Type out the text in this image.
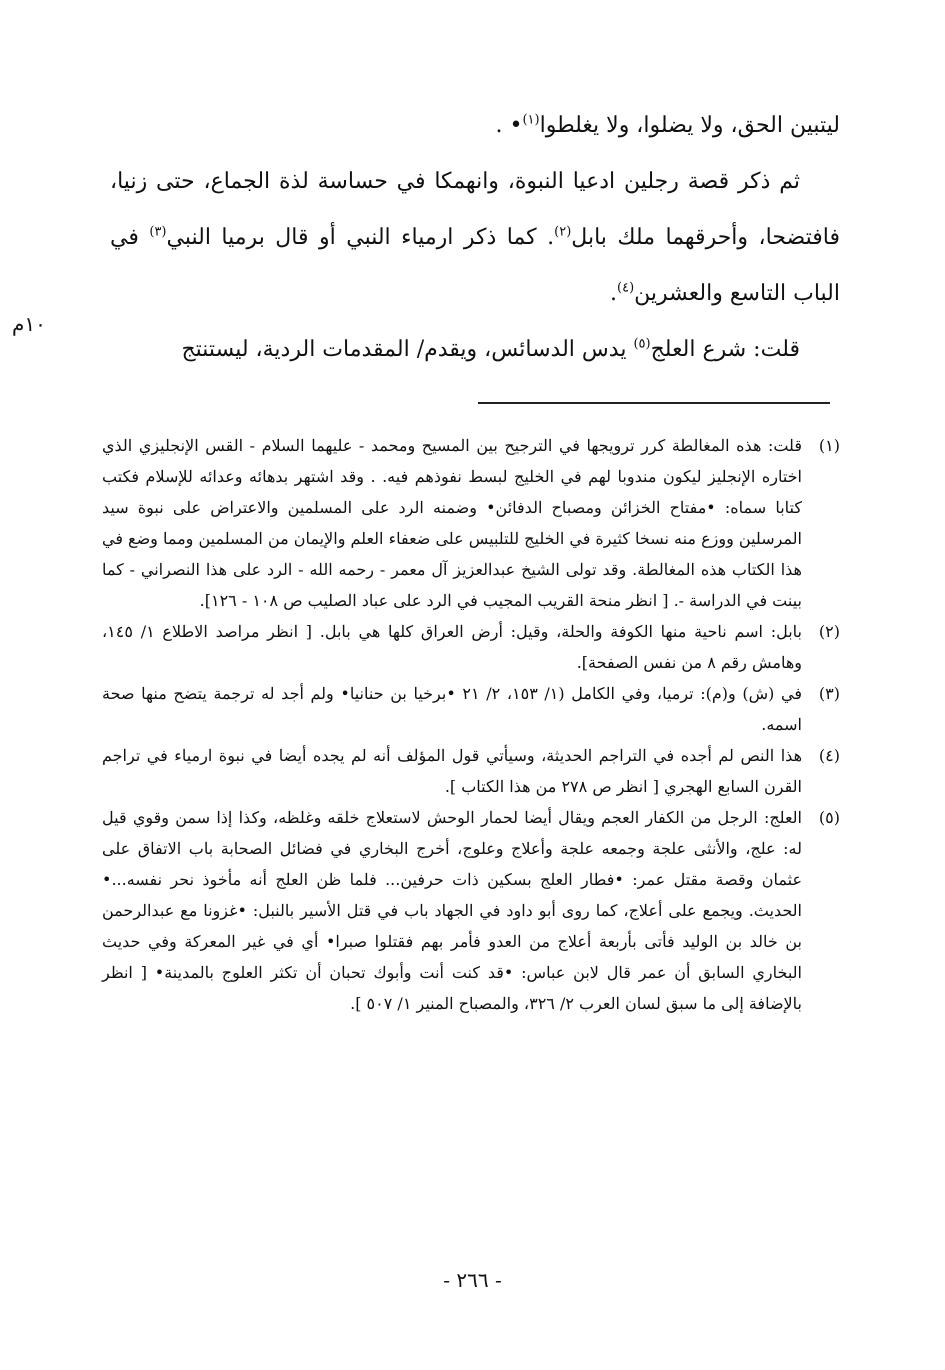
ليتبين الحق، ولا يضلوا، ولا يغلطوا$^{(١)}$• .

ثم ذكر قصة رجلين ادعيا النبوة، وانهمكا في حساسة لذة الجماع، حتى زنيا، فافتضحا، وأحرقهما ملك بابل$^{(٢)}$. كما ذكر ارمياء النبي أو قال برميا النبي$^{(٣)}$ في الباب التاسع والعشرين$^{(٤)}$.

قلت: شرع العلج$^{(٥)}$ يدس الدسائس، ويقدم/ المقدمات الردية، ليستنتج

١٠م

(١)قلت: هذه المغالطة كرر ترويجها في الترجيح بين المسيح ومحمد - عليهما السلام - القس الإنجليزي الذي اختاره الإنجليز ليكون مندوبا لهم في الخليج لبسط نفوذهم فيه. . وقد اشتهر بدهائه وعدائه للإسلام فكتب كتابا سماه: •مفتاح الخزائن ومصباح الدفائن• وضمنه الرد على المسلمين والاعتراض على نبوة سيد المرسلين ووزع منه نسخا كثيرة في الخليج للتلبيس على ضعفاء العلم والإيمان من المسلمين ومما وضع في هذا الكتاب هذه المغالطة. وقد تولى الشيخ عبدالعزيز آل معمر - رحمه الله - الرد على هذا النصراني - كما بينت في الدراسة -. [ انظر منحة القريب المجيب في الرد على عباد الصليب ص ١٠٨ - ١٢٦].

(٢)بابل: اسم ناحية منها الكوفة والحلة، وقيل: أرض العراق كلها هي بابل. [ انظر مراصد الاطلاع ١/ ١٤٥، وهامش رقم ٨ من نفس الصفحة].

(٣)في (ش) و(م): ترميا، وفي الكامل (١/ ١٥٣، ٢/ ٢١ •برخيا بن حنانيا• ولم أجد له ترجمة يتضح منها صحة اسمه.

(٤)هذا النص لم أجده في التراجم الحديثة، وسيأتي قول المؤلف أنه لم يجده أيضا في نبوة ارمياء في تراجم القرن السابع الهجري [ انظر ص ٢٧٨ من هذا الكتاب ].

(٥)العلج: الرجل من الكفار العجم ويقال أيضا لحمار الوحش لاستعلاج خلقه وغلظه، وكذا إذا سمن وقوي قيل له: علج، والأنثى علجة وجمعه علجة وأعلاج وعلوج، أخرج البخاري في فضائل الصحابة باب الاتفاق على عثمان وقصة مقتل عمر: •فطار العلج بسكين ذات حرفين... فلما ظن العلج أنه مأخوذ نحر نفسه...• الحديث. ويجمع على أعلاج، كما روى أبو داود في الجهاد باب في قتل الأسير بالنبل: •غزونا مع عبدالرحمن بن خالد بن الوليد فأتى بأربعة أعلاج من العدو فأمر بهم فقتلوا صبرا• أي في غير المعركة وفي حديث البخاري السابق أن عمر قال لابن عباس: •قد كنت أنت وأبوك تحبان أن تكثر العلوج بالمدينة• [ انظر بالإضافة إلى ما سبق لسان العرب ٢/ ٣٢٦، والمصباح المنير ١/ ٥٠٧ ].

- ٢٦٦ -
